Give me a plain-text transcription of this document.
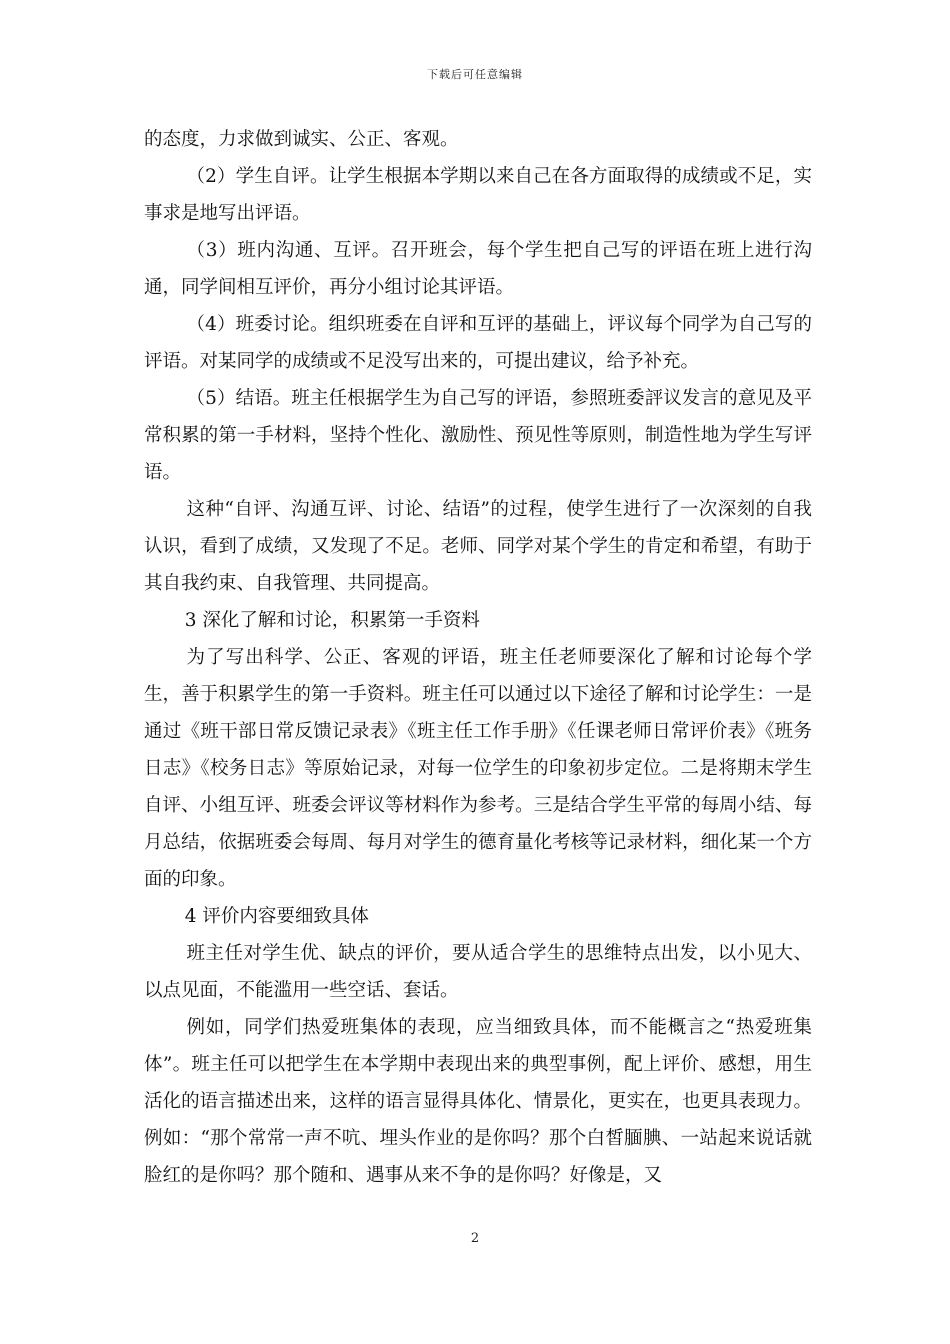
下载后可任意编辑

的态度，力求做到诚实、公正、客观。

（2）学生自评。让学生根据本学期以来自己在各方面取得的成绩或不足，实事求是地写出评语。

（3）班内沟通、互评。召开班会，每个学生把自己写的评语在班上进行沟通，同学间相互评价，再分小组讨论其评语。

（4）班委讨论。组织班委在自评和互评的基础上，评议每个同学为自己写的评语。对某同学的成绩或不足没写出来的，可提出建议，给予补充。

（5）结语。班主任根据学生为自己写的评语，参照班委評议发言的意见及平常积累的第一手材料，坚持个性化、激励性、预见性等原则，制造性地为学生写评语。

这种“自评、沟通互评、讨论、结语”的过程，使学生进行了一次深刻的自我认识，看到了成绩，又发现了不足。老师、同学对某个学生的肯定和希望，有助于其自我约束、自我管理、共同提高。

3 深化了解和讨论，积累第一手资料

为了写出科学、公正、客观的评语，班主任老师要深化了解和讨论每个学生，善于积累学生的第一手资料。班主任可以通过以下途径了解和讨论学生：一是通过《班干部日常反馈记录表》《班主任工作手册》《任课老师日常评价表》《班务日志》《校务日志》等原始记录，对每一位学生的印象初步定位。二是将期末学生自评、小组互评、班委会评议等材料作为参考。三是结合学生平常的每周小结、每月总结，依据班委会每周、每月对学生的德育量化考核等记录材料，细化某一个方面的印象。

4 评价内容要细致具体

班主任对学生优、缺点的评价，要从适合学生的思维特点出发，以小见大、以点见面，不能滥用一些空话、套话。

例如，同学们热爱班集体的表现，应当细致具体，而不能概言之“热爱班集体”。班主任可以把学生在本学期中表现出来的典型事例，配上评价、感想，用生活化的语言描述出来，这样的语言显得具体化、情景化，更实在，也更具表现力。例如：“那个常常一声不吭、埋头作业的是你吗？那个白皙腼腆、一站起来说话就脸红的是你吗？那个随和、遇事从来不争的是你吗？好像是，又

2
